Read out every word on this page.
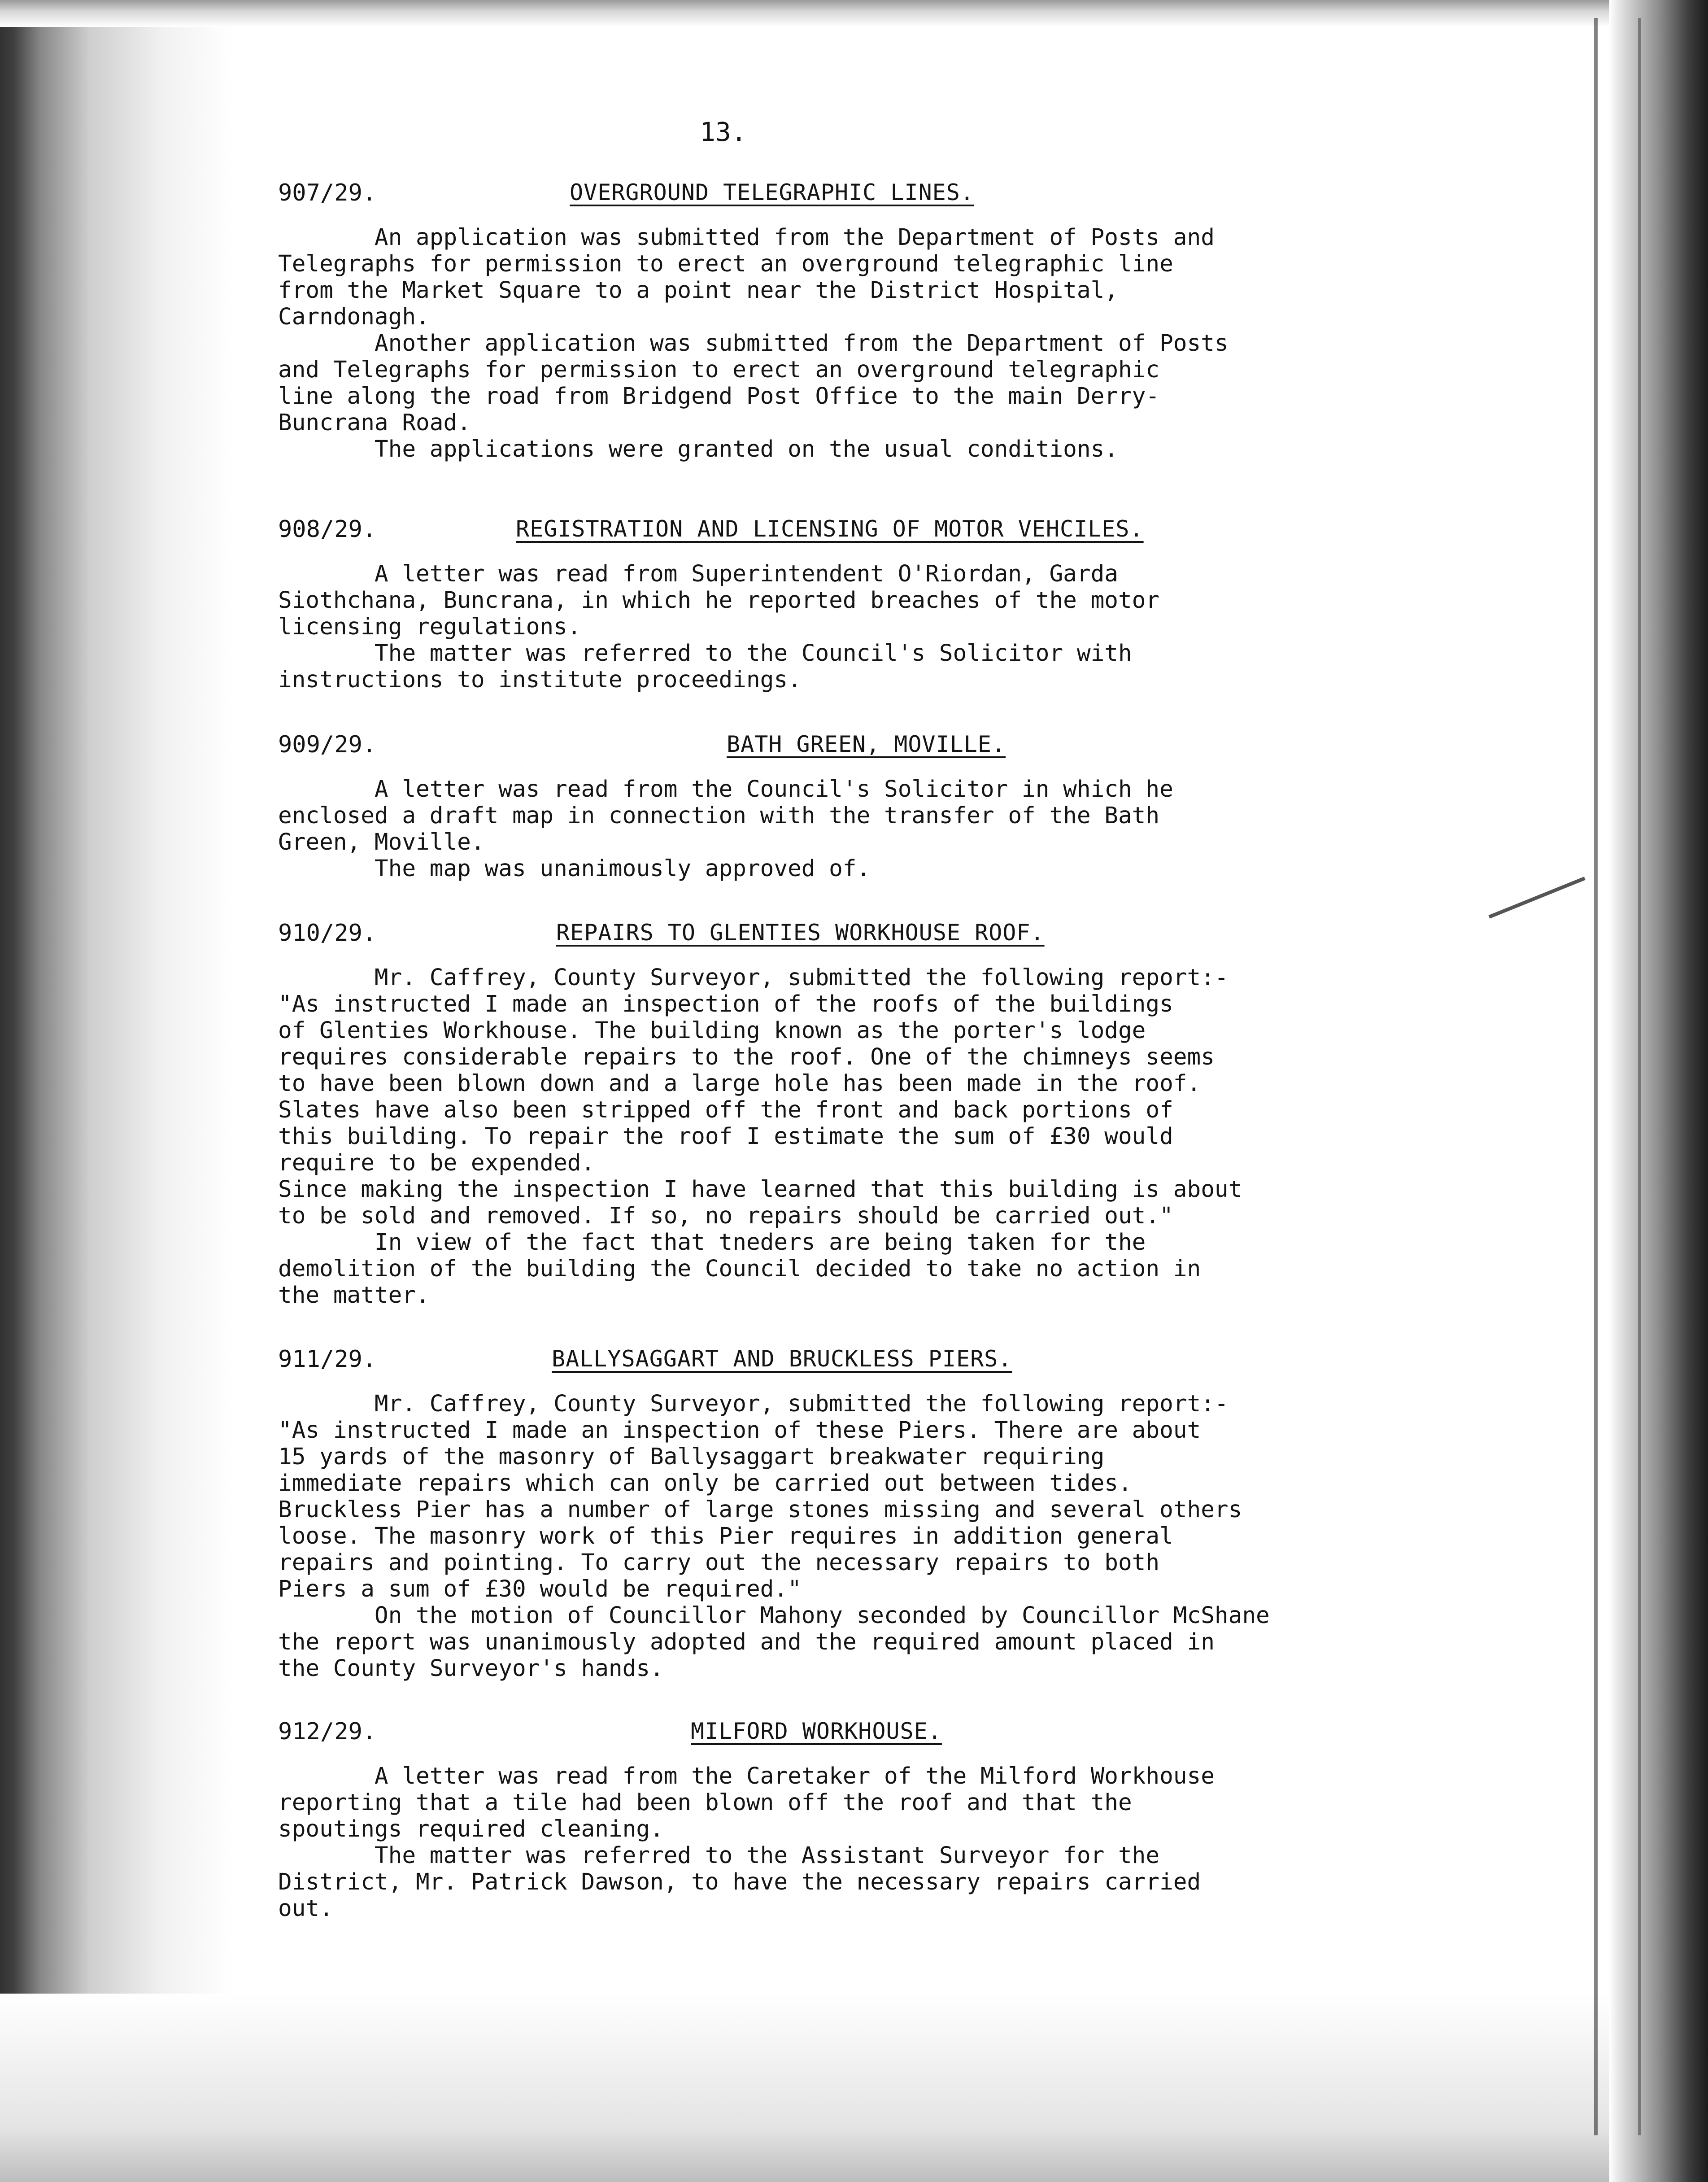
13.
907/29.	OVERGROUND TELEGRAPHIC LINES.

An application was submitted from the Department of Posts and
Telegraphs for permission to erect an overground telegraphic line
from the Market Square to a point near the District Hospital,
Carndonagh.

Another application was submitted from the Department of Posts
and Telegraphs for permission to erect an overground telegraphic
line along the road from Bridgend Post Office to the main Derry-
Buncrana Road.

The applications were granted on the usual conditions.

908/29.	REGISTRATION AND LICENSING OF MOTOR VEHCILES.

A letter was read from Superintendent O'Riordan, Garda
Siothchana, Buncrana, in which he reported breaches of the motor
licensing regulations.

The matter was referred to the Council's Solicitor with
instructions to institute proceedings.

909/29.	BATH GREEN, MOVILLE.

A letter was read from the Council's Solicitor in which he
enclosed a draft map in connection with the transfer of the Bath
Green, Moville.

The map was unanimously approved of.

910/29.	REPAIRS TO GLENTIES WORKHOUSE ROOF.

Mr. Caffrey, County Surveyor, submitted the following report:-
"As instructed I made an inspection of the roofs of the buildings
of Glenties Workhouse. The building known as the porter's lodge
requires considerable repairs to the roof. One of the chimneys seems
to have been blown down and a large hole has been made in the roof.
Slates have also been stripped off the front and back portions of
this building. To repair the roof I estimate the sum of £30 would
require to be expended.
Since making the inspection I have learned that this building is about
to be sold and removed. If so, no repairs should be carried out."

In view of the fact that tneders are being taken for the
demolition of the building the Council decided to take no action in
the matter.

911/29.	BALLYSAGGART AND BRUCKLESS PIERS.

Mr. Caffrey, County Surveyor, submitted the following report:-
"As instructed I made an inspection of these Piers. There are about
15 yards of the masonry of Ballysaggart breakwater requiring
immediate repairs which can only be carried out between tides.
Bruckless Pier has a number of large stones missing and several others
loose. The masonry work of this Pier requires in addition general
repairs and pointing. To carry out the necessary repairs to both
Piers a sum of £30 would be required."

On the motion of Councillor Mahony seconded by Councillor McShane
the report was unanimously adopted and the required amount placed in
the County Surveyor's hands.

912/29.	MILFORD WORKHOUSE.

A letter was read from the Caretaker of the Milford Workhouse
reporting that a tile had been blown off the roof and that the
spoutings required cleaning.

The matter was referred to the Assistant Surveyor for the
District, Mr. Patrick Dawson, to have the necessary repairs carried
out.
